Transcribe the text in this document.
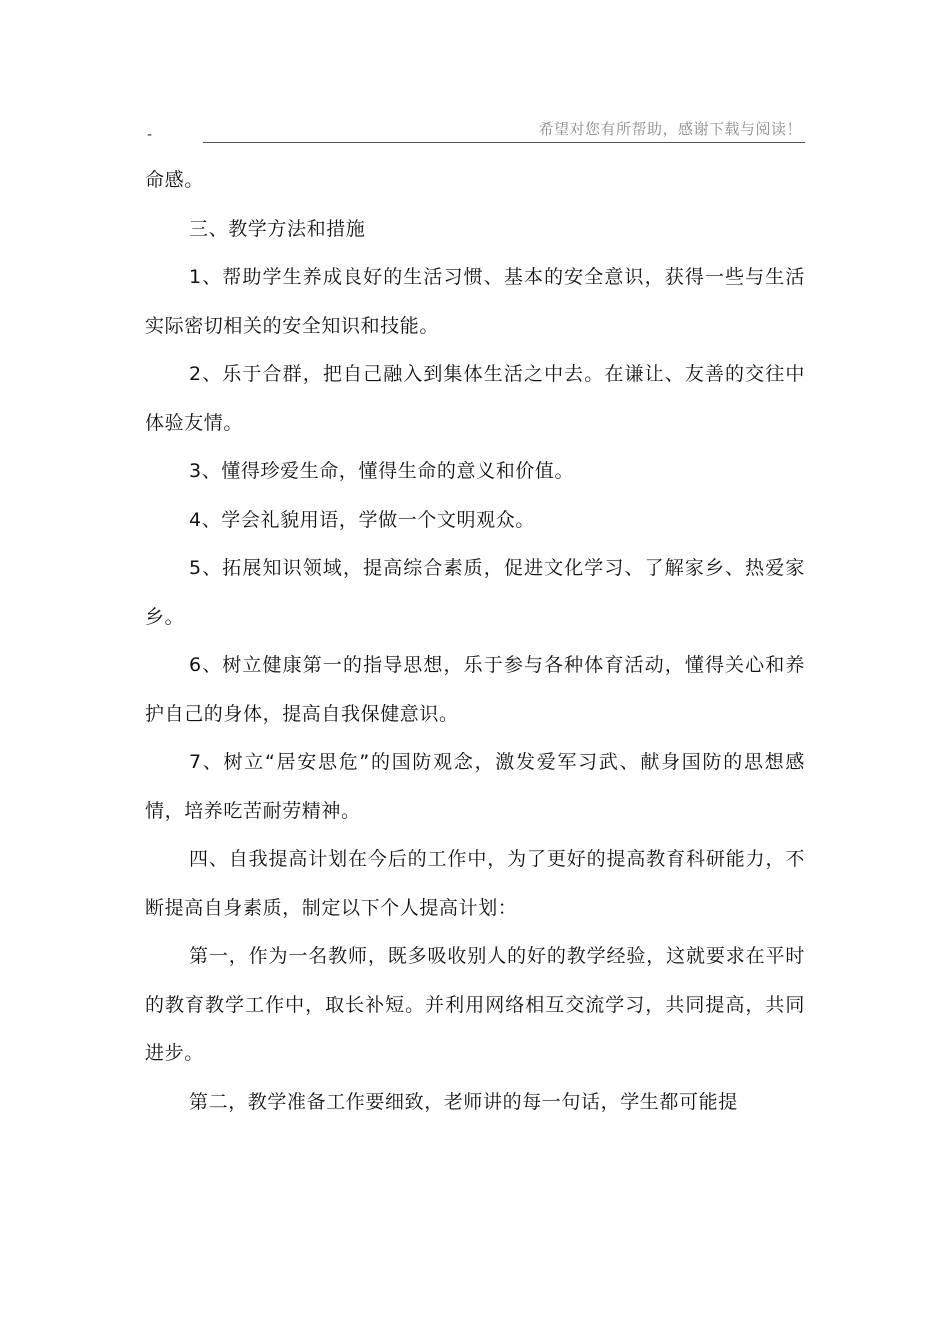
-	希望对您有所帮助，感谢下载与阅读！

命感。

三、教学方法和措施

1、帮助学生养成良好的生活习惯、基本的安全意识，获得一些与生活实际密切相关的安全知识和技能。

2、乐于合群，把自己融入到集体生活之中去。在谦让、友善的交往中体验友情。

3、懂得珍爱生命，懂得生命的意义和价值。

4、学会礼貌用语，学做一个文明观众。

5、拓展知识领域，提高综合素质，促进文化学习、了解家乡、热爱家乡。

6、树立健康第一的指导思想，乐于参与各种体育活动，懂得关心和养护自己的身体，提高自我保健意识。

7、树立“居安思危”的国防观念，激发爱军习武、献身国防的思想感情，培养吃苦耐劳精神。

四、自我提高计划在今后的工作中，为了更好的提高教育科研能力，不断提高自身素质，制定以下个人提高计划：

第一，作为一名教师，既多吸收别人的好的教学经验，这就要求在平时的教育教学工作中，取长补短。并利用网络相互交流学习，共同提高，共同进步。

第二，教学准备工作要细致，老师讲的每一句话，学生都可能提
